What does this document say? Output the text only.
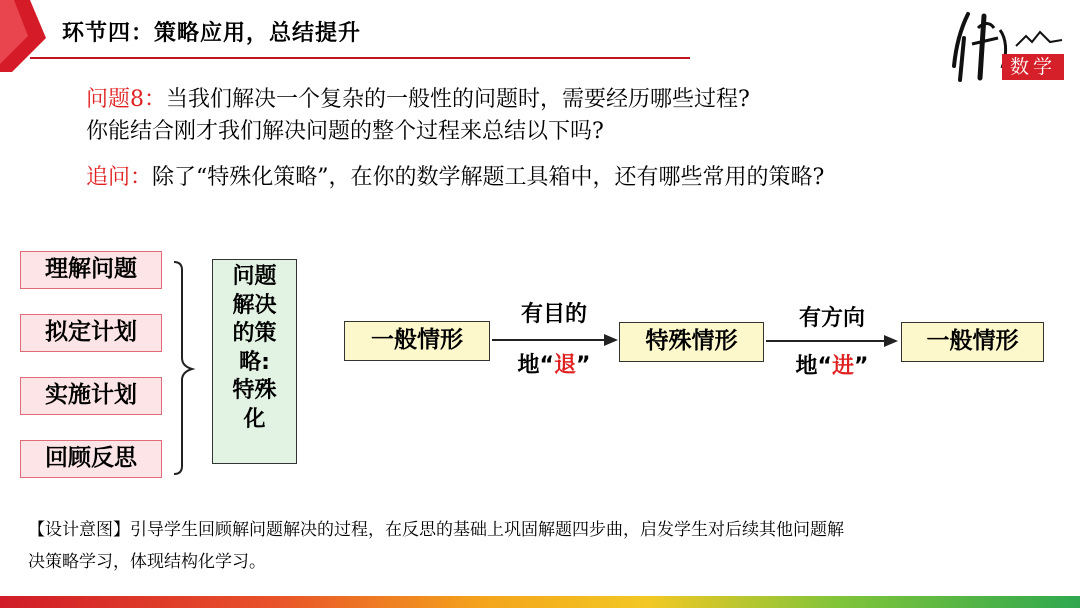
环节四：策略应用，总结提升
数学
问题8：当我们解决一个复杂的一般性的问题时，需要经历哪些过程?
你能结合刚才我们解决问题的整个过程来总结以下吗?
追问：除了“特殊化策略”，在你的数学解题工具箱中，还有哪些常用的策略?
理解问题
拟定计划
实施计划
回顾反思
问题
解决
的策
略:
特殊
化
一般情形	特殊情形	一般情形
有目的
地“退”
有方向
地“进”
【设计意图】引导学生回顾解问题解决的过程，在反思的基础上巩固解题四步曲，启发学生对后续其他问题解
决策略学习，体现结构化学习。
